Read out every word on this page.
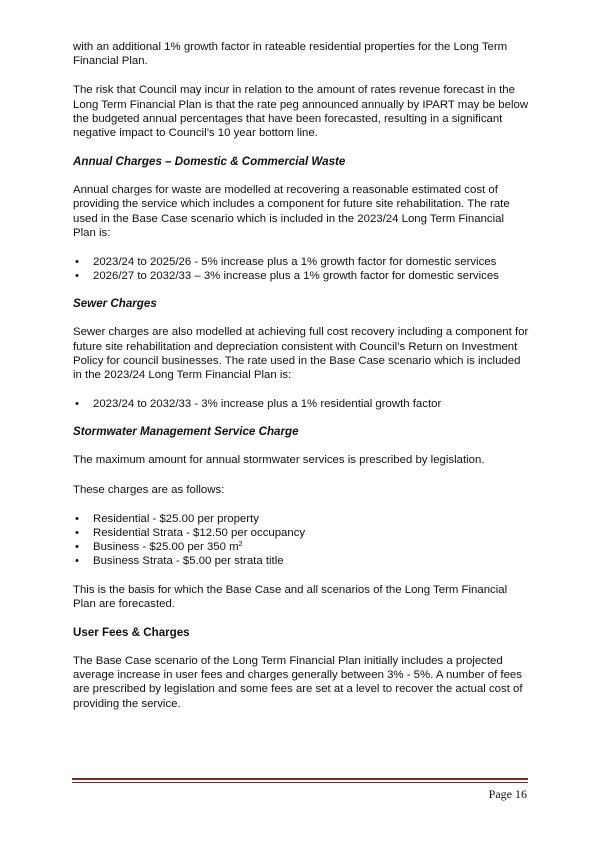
with an additional 1% growth factor in rateable residential properties for the Long Term Financial Plan.

The risk that Council may incur in relation to the amount of rates revenue forecast in the Long Term Financial Plan is that the rate peg announced annually by IPART may be below the budgeted annual percentages that have been forecasted, resulting in a significant negative impact to Council’s 10 year bottom line.

Annual Charges – Domestic & Commercial Waste

Annual charges for waste are modelled at recovering a reasonable estimated cost of providing the service which includes a component for future site rehabilitation. The rate used in the Base Case scenario which is included in the 2023/24 Long Term Financial Plan is:

• 2023/24 to 2025/26 - 5% increase plus a 1% growth factor for domestic services
• 2026/27 to 2032/33 – 3% increase plus a 1% growth factor for domestic services
Sewer Charges

Sewer charges are also modelled at achieving full cost recovery including a component for future site rehabilitation and depreciation consistent with Council’s Return on Investment Policy for council businesses. The rate used in the Base Case scenario which is included in the 2023/24 Long Term Financial Plan is:

• 2023/24 to 2032/33 - 3% increase plus a 1% residential growth factor
Stormwater Management Service Charge

The maximum amount for annual stormwater services is prescribed by legislation.

These charges are as follows:

• Residential - $25.00 per property
• Residential Strata - $12.50 per occupancy
• Business - $25.00 per 350 $m^2$
• Business Strata - $5.00 per strata title

This is the basis for which the Base Case and all scenarios of the Long Term Financial Plan are forecasted.

User Fees & Charges

The Base Case scenario of the Long Term Financial Plan initially includes a projected average increase in user fees and charges generally between 3% - 5%. A number of fees are prescribed by legislation and some fees are set at a level to recover the actual cost of providing the service.

Page 16
